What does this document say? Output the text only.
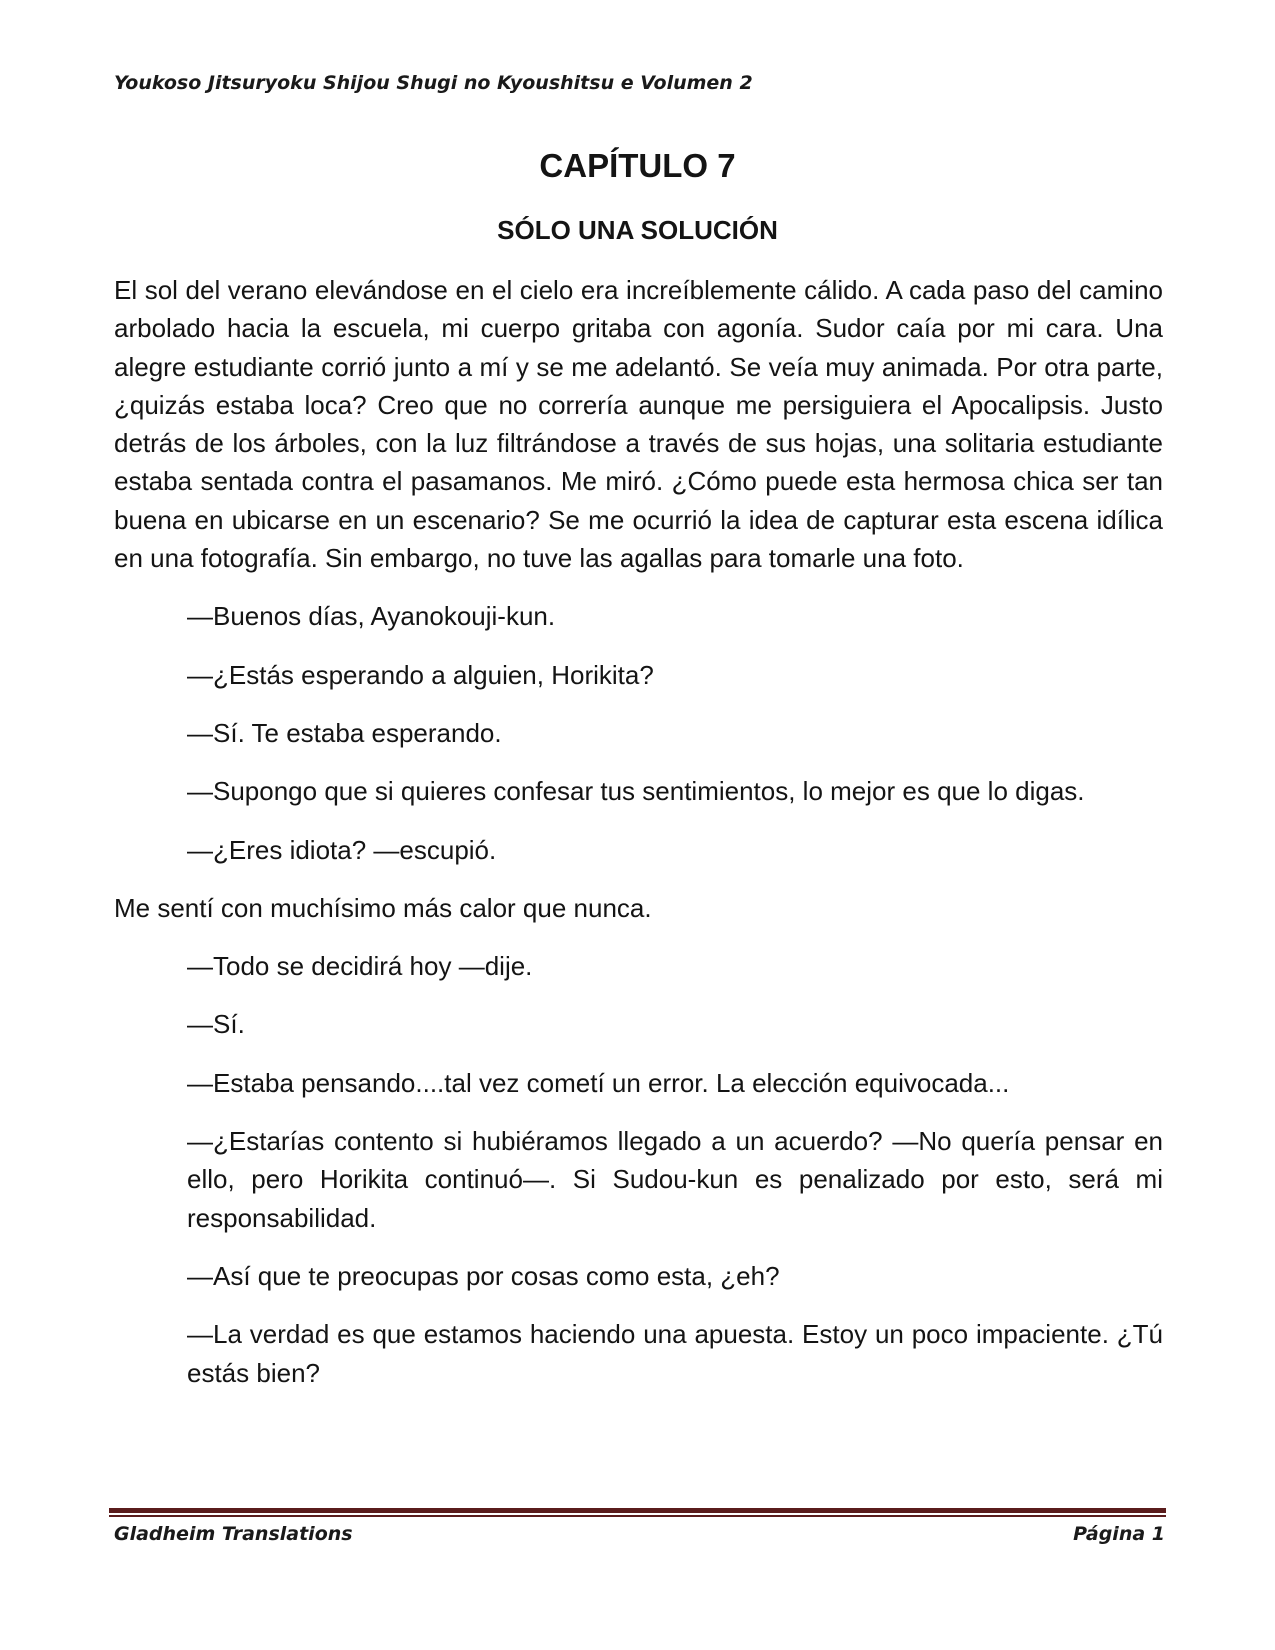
Youkoso Jitsuryoku Shijou Shugi no Kyoushitsu e Volumen 2
CAPÍTULO 7
SÓLO UNA SOLUCIÓN

El sol del verano elevándose en el cielo era increíblemente cálido. A cada paso del camino arbolado hacia la escuela, mi cuerpo gritaba con agonía. Sudor caía por mi cara. Una alegre estudiante corrió junto a mí y se me adelantó. Se veía muy animada. Por otra parte, ¿quizás estaba loca? Creo que no correría aunque me persiguiera el Apocalipsis. Justo detrás de los árboles, con la luz filtrándose a través de sus hojas, una solitaria estudiante estaba sentada contra el pasamanos. Me miró. ¿Cómo puede esta hermosa chica ser tan buena en ubicarse en un escenario? Se me ocurrió la idea de capturar esta escena idílica en una fotografía. Sin embargo, no tuve las agallas para tomarle una foto.

—Buenos días, Ayanokouji-kun.

—¿Estás esperando a alguien, Horikita?

—Sí. Te estaba esperando.

—Supongo que si quieres confesar tus sentimientos, lo mejor es que lo digas.

—¿Eres idiota? —escupió.

Me sentí con muchísimo más calor que nunca.

—Todo se decidirá hoy —dije.

—Sí.

—Estaba pensando....tal vez cometí un error. La elección equivocada...

—¿Estarías contento si hubiéramos llegado a un acuerdo? —No quería pensar en ello, pero Horikita continuó—. Si Sudou-kun es penalizado por esto, será mi responsabilidad.

—Así que te preocupas por cosas como esta, ¿eh?

—La verdad es que estamos haciendo una apuesta. Estoy un poco impaciente. ¿Tú estás bien?

Gladheim Translations	Página 1
